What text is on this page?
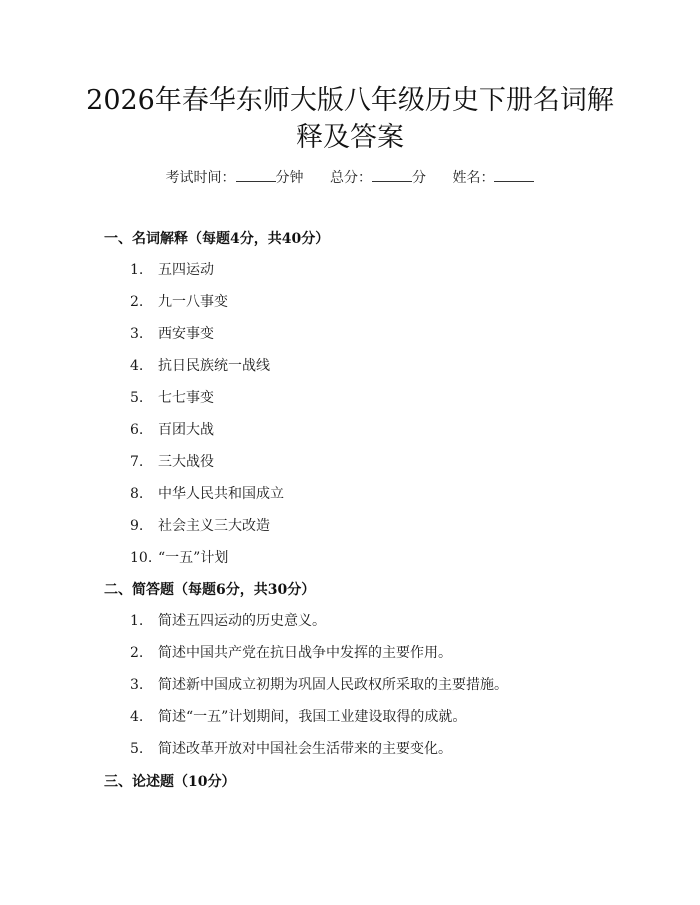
2026年春华东师大版八年级历史下册名词解
释及答案
考试时间：	分钟 总分：	分 姓名：
一、名词解释（每题4分，共40分）
1.	五四运动
2.	九一八事变
3.	西安事变
4.	抗日民族统一战线
5.	七七事变
6.	百团大战
7.	三大战役
8.	中华人民共和国成立
9.	社会主义三大改造
10. “一五”计划
二、简答题（每题6分，共30分）
1.	简述五四运动的历史意义。
2.	简述中国共产党在抗日战争中发挥的主要作用。
3.	简述新中国成立初期为巩固人民政权所采取的主要措施。
4.	简述“一五”计划期间，我国工业建设取得的成就。
5.	简述改革开放对中国社会生活带来的主要变化。
三、论述题（10分）
